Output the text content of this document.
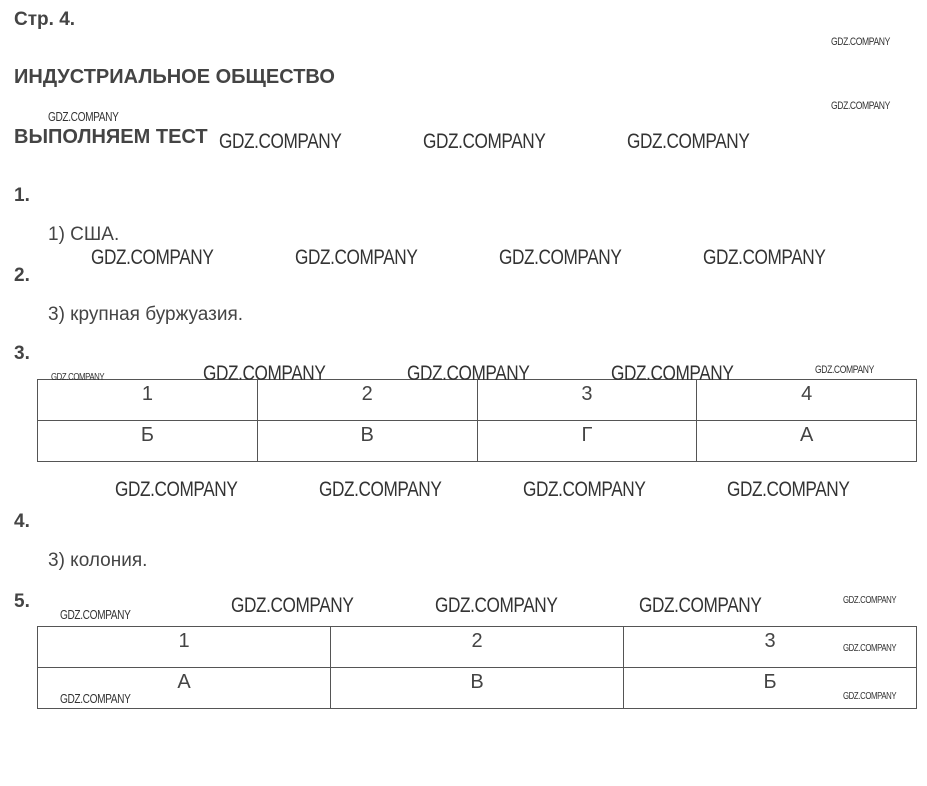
Стр. 4.
ИНДУСТРИАЛЬНОЕ ОБЩЕСТВО
ВЫПОЛНЯЕМ ТЕСТ
1.
1) США.
2.
3) крупная буржуазия.
3.
1	2	3	4
Б	В	Г	А
4.
3) колония.
5.
1	2	3
А	В	Б
GDZ.COMPANY
GDZ.COMPANY
GDZ.COMPANY
GDZ.COMPANY	GDZ.COMPANY	GDZ.COMPANY
GDZ.COMPANY	GDZ.COMPANY	GDZ.COMPANY	GDZ.COMPANY
GDZ.COMPANY
GDZ.COMPANY	GDZ.COMPANY	GDZ.COMPANY	GDZ.COMPANY
GDZ.COMPANY	GDZ.COMPANY	GDZ.COMPANY	GDZ.COMPANY
GDZ.COMPANY	GDZ.COMPANY	GDZ.COMPANY	GDZ.COMPANY	GDZ.COMPANY
GDZ.COMPANY
GDZ.COMPANY	GDZ.COMPANY
